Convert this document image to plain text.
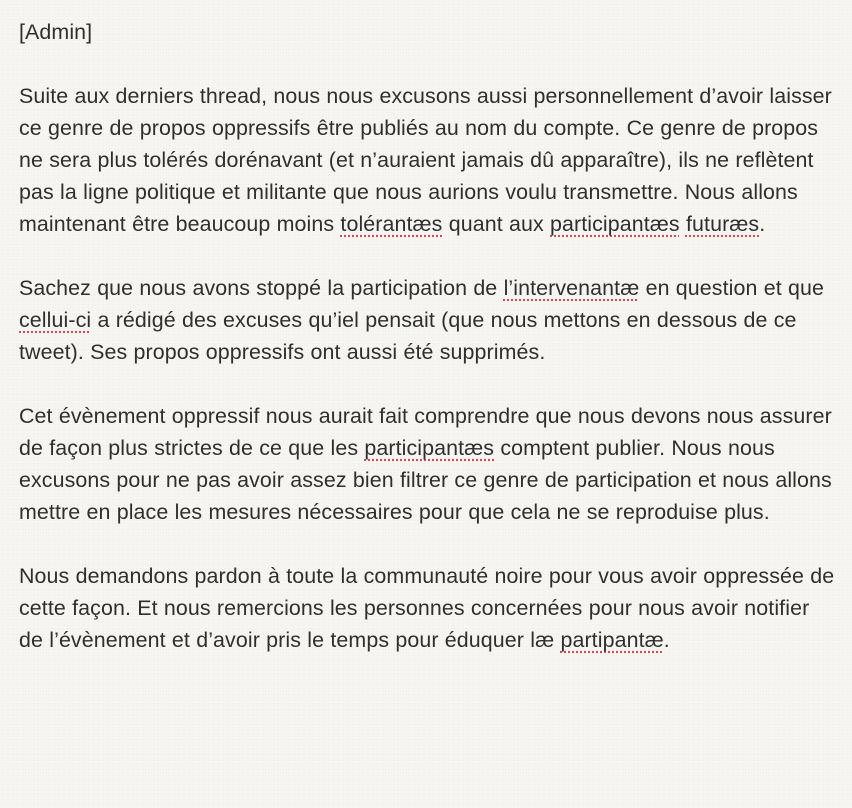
[Admin]

Suite aux derniers thread, nous nous excusons aussi personnellement d’avoir laisser ce genre de propos oppressifs être publiés au nom du compte. Ce genre de propos ne sera plus tolérés dorénavant (et n’auraient jamais dû apparaître), ils ne reflètent pas la ligne politique et militante que nous aurions voulu transmettre. Nous allons maintenant être beaucoup moins tolérantæs quant aux participantæs futuræs.

Sachez que nous avons stoppé la participation de l’intervenantæ en question et que cellui-ci a rédigé des excuses qu’iel pensait (que nous mettons en dessous de ce tweet). Ses propos oppressifs ont aussi été supprimés.

Cet évènement oppressif nous aurait fait comprendre que nous devons nous assurer de façon plus strictes de ce que les participantæs comptent publier. Nous nous excusons pour ne pas avoir assez bien filtrer ce genre de participation et nous allons mettre en place les mesures nécessaires pour que cela ne se reproduise plus.

Nous demandons pardon à toute la communauté noire pour vous avoir oppressée de cette façon. Et nous remercions les personnes concernées pour nous avoir notifier de l’évènement et d’avoir pris le temps pour éduquer læ partipantæ.
